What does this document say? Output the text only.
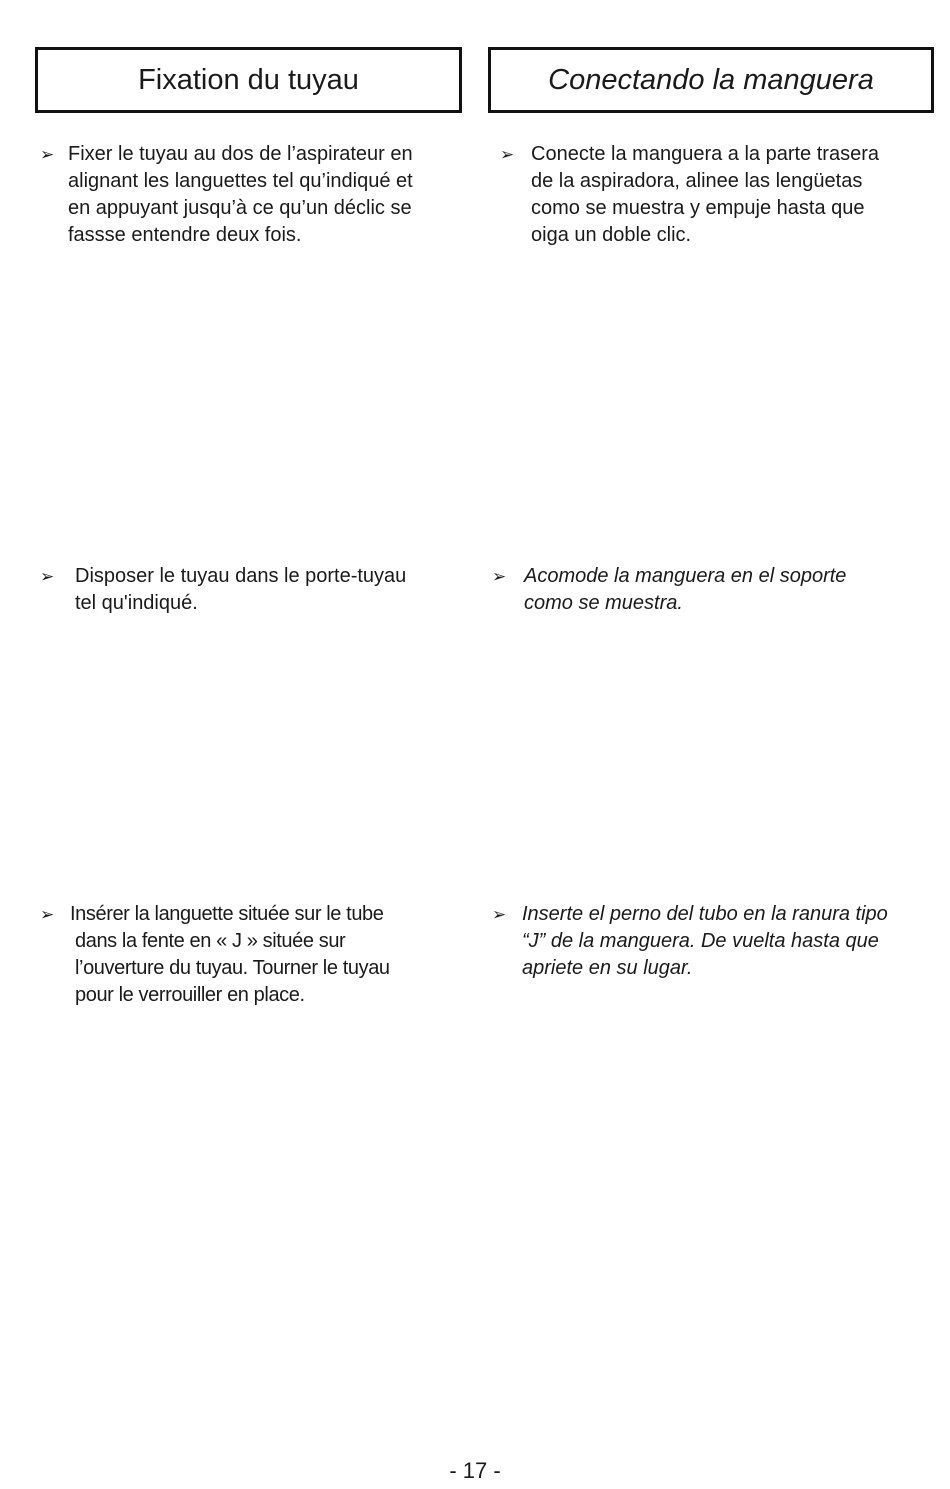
Fixation du tuyau	Conectando la manguera
➢ Fixer le tuyau au dos de l’aspirateur en
alignant les languettes tel qu’indiqué et
en appuyant jusqu’à ce qu’un déclic se
fassse entendre deux fois.
➢ Conecte la manguera a la parte trasera
de la aspiradora, alinee las lengüetas
como se muestra y empuje hasta que
oiga un doble clic.
➢ Disposer le tuyau dans le porte-tuyau
tel qu'indiqué.
➢ Acomode la manguera en el soporte
como se muestra.
➢ Insérer la languette située sur le tube
dans la fente en « J » située sur
l’ouverture du tuyau. Tourner le tuyau
pour le verrouiller en place.
➢ Inserte el perno del tubo en la ranura tipo
“J” de la manguera. De vuelta hasta que
apriete en su lugar.
- 17 -
